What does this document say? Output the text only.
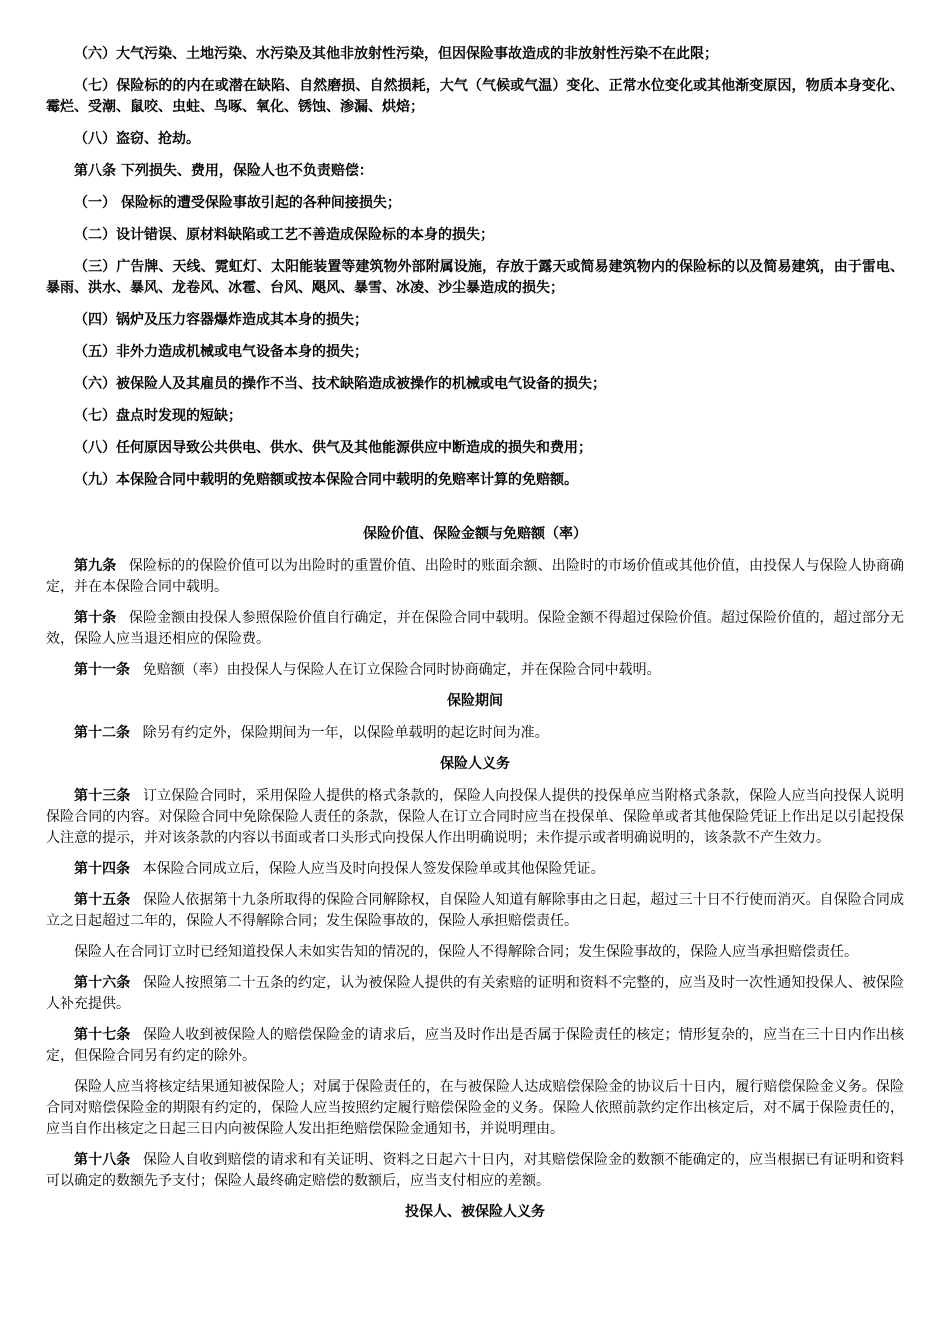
（六）大气污染、土地污染、水污染及其他非放射性污染，但因保险事故造成的非放射性污染不在此限；

（七）保险标的的内在或潜在缺陷、自然磨损、自然损耗，大气（气候或气温）变化、正常水位变化或其他渐变原因，物质本身变化、霉烂、受潮、鼠咬、虫蛀、鸟啄、氧化、锈蚀、渗漏、烘焙；

（八）盗窃、抢劫。

第八条 下列损失、费用，保险人也不负责赔偿：

（一） 保险标的遭受保险事故引起的各种间接损失；

（二）设计错误、原材料缺陷或工艺不善造成保险标的本身的损失；

（三）广告牌、天线、霓虹灯、太阳能装置等建筑物外部附属设施，存放于露天或简易建筑物内的保险标的以及简易建筑，由于雷电、暴雨、洪水、暴风、龙卷风、冰雹、台风、飓风、暴雪、冰凌、沙尘暴造成的损失；

（四）锅炉及压力容器爆炸造成其本身的损失；

（五）非外力造成机械或电气设备本身的损失；

（六）被保险人及其雇员的操作不当、技术缺陷造成被操作的机械或电气设备的损失；

（七）盘点时发现的短缺；

（八）任何原因导致公共供电、供水、供气及其他能源供应中断造成的损失和费用；

（九）本保险合同中载明的免赔额或按本保险合同中载明的免赔率计算的免赔额。

保险价值、保险金额与免赔额（率）

第九条 保险标的的保险价值可以为出险时的重置价值、出险时的账面余额、出险时的市场价值或其他价值，由投保人与保险人协商确定，并在本保险合同中载明。

第十条 保险金额由投保人参照保险价值自行确定，并在保险合同中载明。保险金额不得超过保险价值。超过保险价值的，超过部分无效，保险人应当退还相应的保险费。

第十一条 免赔额（率）由投保人与保险人在订立保险合同时协商确定，并在保险合同中载明。

保险期间

第十二条 除另有约定外，保险期间为一年，以保险单载明的起讫时间为准。

保险人义务

第十三条 订立保险合同时，采用保险人提供的格式条款的，保险人向投保人提供的投保单应当附格式条款，保险人应当向投保人说明保险合同的内容。对保险合同中免除保险人责任的条款，保险人在订立合同时应当在投保单、保险单或者其他保险凭证上作出足以引起投保人注意的提示，并对该条款的内容以书面或者口头形式向投保人作出明确说明；未作提示或者明确说明的，该条款不产生效力。

第十四条 本保险合同成立后，保险人应当及时向投保人签发保险单或其他保险凭证。

第十五条 保险人依据第十九条所取得的保险合同解除权，自保险人知道有解除事由之日起，超过三十日不行使而消灭。自保险合同成立之日起超过二年的，保险人不得解除合同；发生保险事故的，保险人承担赔偿责任。

保险人在合同订立时已经知道投保人未如实告知的情况的，保险人不得解除合同；发生保险事故的，保险人应当承担赔偿责任。

第十六条 保险人按照第二十五条的约定，认为被保险人提供的有关索赔的证明和资料不完整的，应当及时一次性通知投保人、被保险人补充提供。

第十七条 保险人收到被保险人的赔偿保险金的请求后，应当及时作出是否属于保险责任的核定；情形复杂的，应当在三十日内作出核定，但保险合同另有约定的除外。

保险人应当将核定结果通知被保险人；对属于保险责任的，在与被保险人达成赔偿保险金的协议后十日内，履行赔偿保险金义务。保险合同对赔偿保险金的期限有约定的，保险人应当按照约定履行赔偿保险金的义务。保险人依照前款约定作出核定后，对不属于保险责任的，应当自作出核定之日起三日内向被保险人发出拒绝赔偿保险金通知书，并说明理由。

第十八条 保险人自收到赔偿的请求和有关证明、资料之日起六十日内，对其赔偿保险金的数额不能确定的，应当根据已有证明和资料可以确定的数额先予支付；保险人最终确定赔偿的数额后，应当支付相应的差额。

投保人、被保险人义务
